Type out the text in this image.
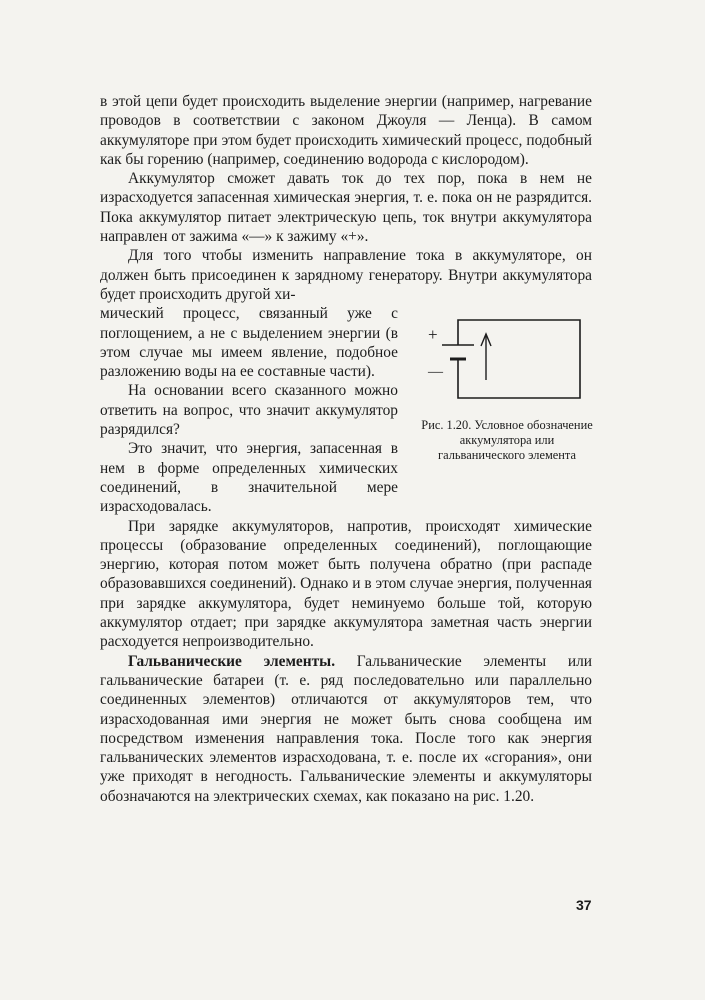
в этой цепи будет происходить выделение энергии (например, нагревание проводов в соответствии с законом Джоуля — Ленца). В самом аккумуляторе при этом будет происходить химический процесс, подобный как бы горению (например, соединению водорода с кислородом).

Аккумулятор сможет давать ток до тех пор, пока в нем не израсходуется запасенная химическая энергия, т. е. пока он не разрядится. Пока аккумулятор питает электрическую цепь, ток внутри аккумулятора направлен от зажима «—» к зажиму «+».

Для того чтобы изменить направление тока в аккумуляторе, он должен быть присоединен к зарядному генератору. Внутри аккумулятора будет происходить другой хи-

мический процесс, связанный уже с поглощением, а не с выделением энергии (в этом случае мы имеем явление, подобное разложению воды на ее составные части).

На основании всего сказанного можно ответить на вопрос, что значит аккумулятор разрядился?

Это значит, что энергия, запасенная в нем в форме определенных химических соединений, в значительной мере израсходовалась.

+
—
Рис. 1.20. Условное обозначение аккумулятора или гальванического элемента

При зарядке аккумуляторов, напротив, происходят химические процессы (образование определенных соединений), поглощающие энергию, которая потом может быть получена обратно (при распаде образовавшихся соединений). Однако и в этом случае энергия, полученная при зарядке аккумулятора, будет неминуемо больше той, которую аккумулятор отдает; при зарядке аккумулятора заметная часть энергии расходуется непроизводительно.

Гальванические элементы. Гальванические элементы или гальванические батареи (т. е. ряд последовательно или параллельно соединенных элементов) отличаются от аккумуляторов тем, что израсходованная ими энергия не может быть снова сообщена им посредством изменения направления тока. После того как энергия гальванических элементов израсходована, т. е. после их «сгорания», они уже приходят в негодность. Гальванические элементы и аккумуляторы обозначаются на электрических схемах, как показано на рис. 1.20.

37
